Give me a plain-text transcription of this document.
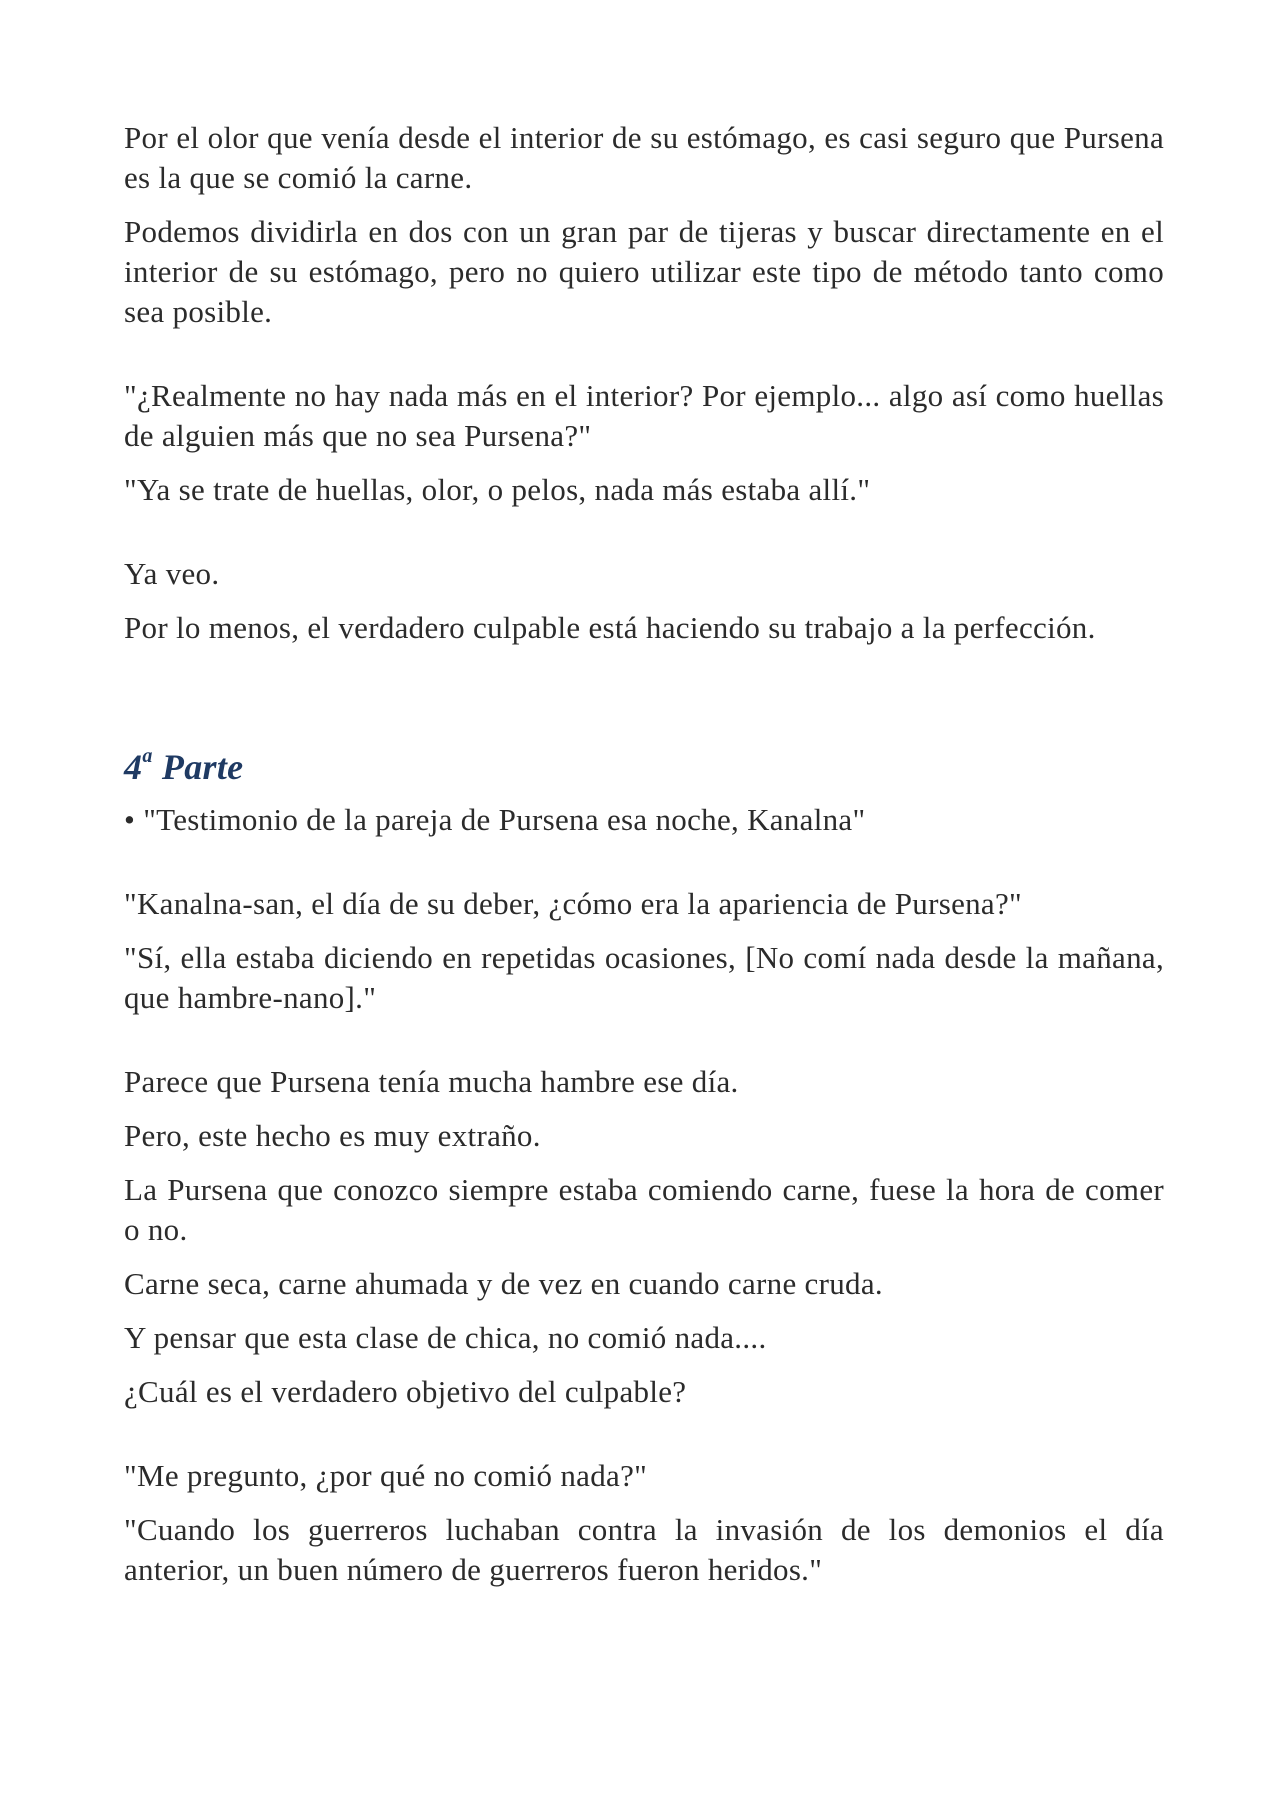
Por el olor que venía desde el interior de su estómago, es casi seguro que Pursena es la que se comió la carne.

Podemos dividirla en dos con un gran par de tijeras y buscar directamente en el interior de su estómago, pero no quiero utilizar este tipo de método tanto como sea posible.

"¿Realmente no hay nada más en el interior? Por ejemplo... algo así como huellas de alguien más que no sea Pursena?"

"Ya se trate de huellas, olor, o pelos, nada más estaba allí."

Ya veo.

Por lo menos, el verdadero culpable está haciendo su trabajo a la perfección.

4$^a$ Parte

• "Testimonio de la pareja de Pursena esa noche, Kanalna"

"Kanalna-san, el día de su deber, ¿cómo era la apariencia de Pursena?"

"Sí, ella estaba diciendo en repetidas ocasiones, [No comí nada desde la mañana, que hambre-nano]."

Parece que Pursena tenía mucha hambre ese día.

Pero, este hecho es muy extraño.

La Pursena que conozco siempre estaba comiendo carne, fuese la hora de comer o no.

Carne seca, carne ahumada y de vez en cuando carne cruda.

Y pensar que esta clase de chica, no comió nada....

¿Cuál es el verdadero objetivo del culpable?

"Me pregunto, ¿por qué no comió nada?"

"Cuando los guerreros luchaban contra la invasión de los demonios el día anterior, un buen número de guerreros fueron heridos."
